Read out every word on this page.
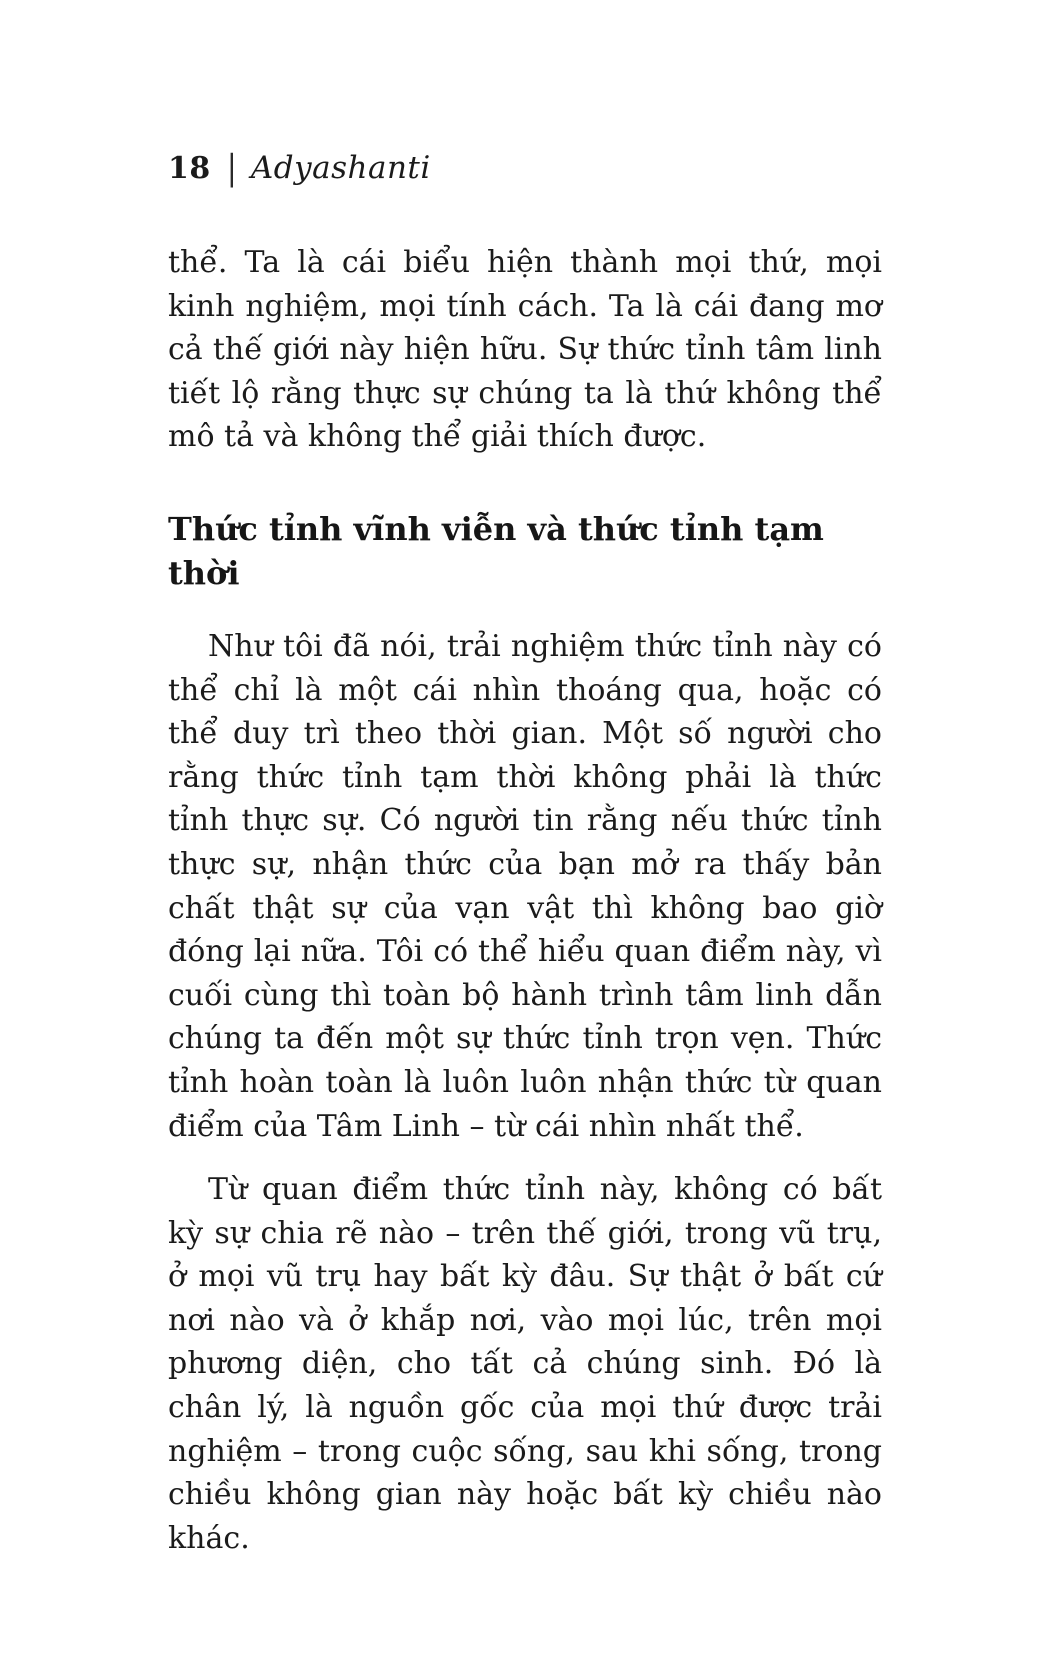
18 | Adyashanti

thể. Ta là cái biểu hiện thành mọi thứ, mọi kinh nghiệm, mọi tính cách. Ta là cái đang mơ cả thế giới này hiện hữu. Sự thức tỉnh tâm linh tiết lộ rằng thực sự chúng ta là thứ không thể mô tả và không thể giải thích được.

Thức tỉnh vĩnh viễn và thức tỉnh tạm thời

Như tôi đã nói, trải nghiệm thức tỉnh này có thể chỉ là một cái nhìn thoáng qua, hoặc có thể duy trì theo thời gian. Một số người cho rằng thức tỉnh tạm thời không phải là thức tỉnh thực sự. Có người tin rằng nếu thức tỉnh thực sự, nhận thức của bạn mở ra thấy bản chất thật sự của vạn vật thì không bao giờ đóng lại nữa. Tôi có thể hiểu quan điểm này, vì cuối cùng thì toàn bộ hành trình tâm linh dẫn chúng ta đến một sự thức tỉnh trọn vẹn. Thức tỉnh hoàn toàn là luôn luôn nhận thức từ quan điểm của Tâm Linh – từ cái nhìn nhất thể.

Từ quan điểm thức tỉnh này, không có bất kỳ sự chia rẽ nào – trên thế giới, trong vũ trụ, ở mọi vũ trụ hay bất kỳ đâu. Sự thật ở bất cứ nơi nào và ở khắp nơi, vào mọi lúc, trên mọi phương diện, cho tất cả chúng sinh. Đó là chân lý, là nguồn gốc của mọi thứ được trải nghiệm – trong cuộc sống, sau khi sống, trong chiều không gian này hoặc bất kỳ chiều nào khác.
